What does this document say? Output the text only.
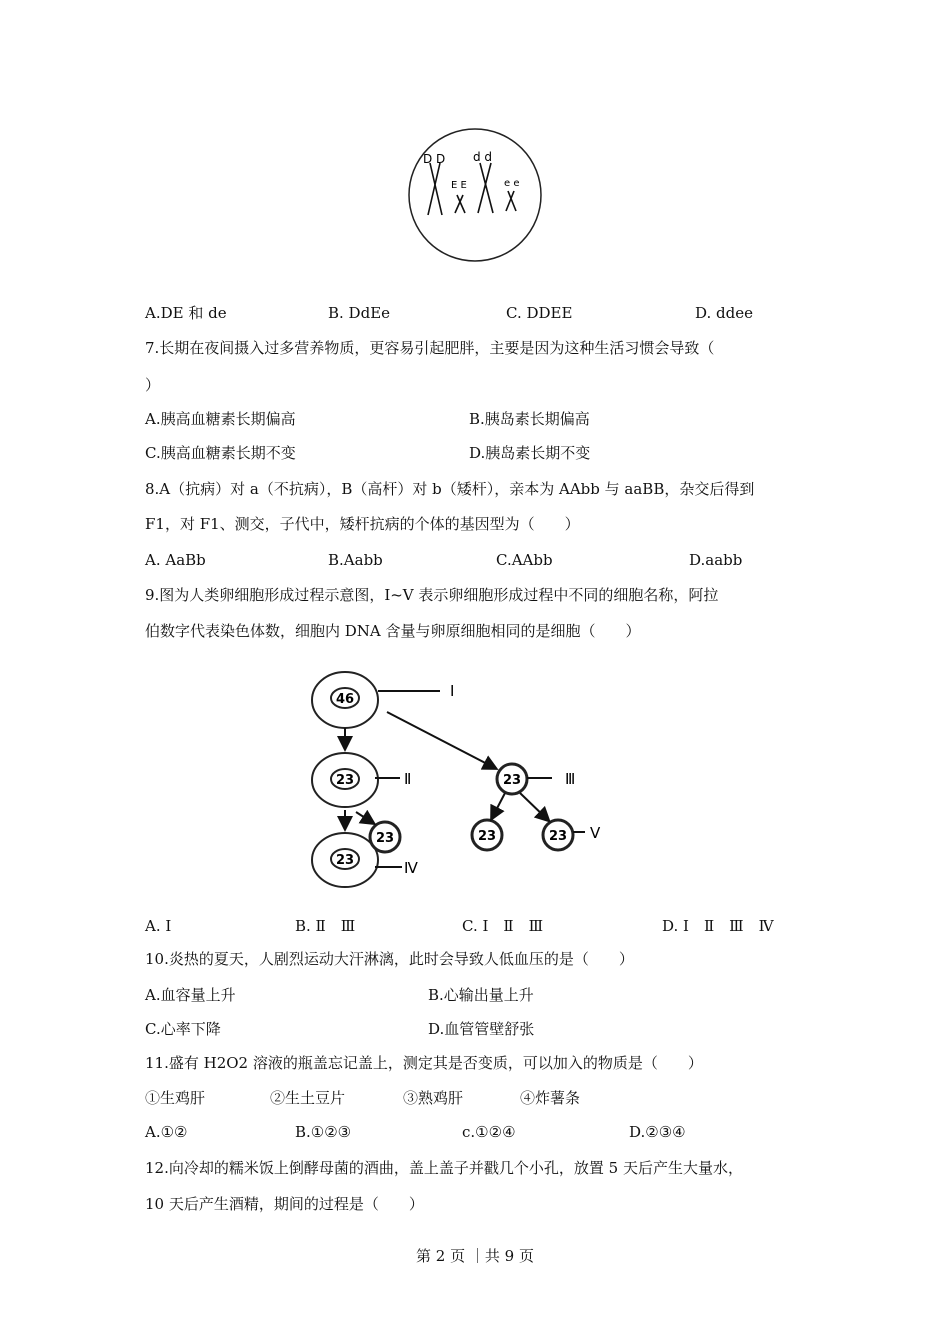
D D
E E
d d
e e
A.DE 和 de	B. DdEe	C. DDEE	D. ddee
7.长期在夜间摄入过多营养物质，更容易引起肥胖，主要是因为这种生活习惯会导致（
）
A.胰高血糖素长期偏高	B.胰岛素长期偏高
C.胰高血糖素长期不变	D.胰岛素长期不变
8.A（抗病）对 a（不抗病），B（高杆）对 b（矮杆），亲本为 AAbb 与 aaBB，杂交后得到
F1，对 F1、测交，子代中，矮杆抗病的个体的基因型为（　　）
A. AaBb	B.Aabb	C.AAbb	D.aabb
9.图为人类卵细胞形成过程示意图，Ⅰ~Ⅴ 表示卵细胞形成过程中不同的细胞名称，阿拉
伯数字代表染色体数，细胞内 DNA 含量与卵原细胞相同的是细胞（　　）
46
23
23
23
23	23	23
Ⅰ
Ⅱ	Ⅲ
Ⅳ
Ⅴ
A. Ⅰ	B. Ⅱ　Ⅲ	C. Ⅰ　Ⅱ　Ⅲ	D. Ⅰ　Ⅱ　Ⅲ　Ⅳ
10.炎热的夏天，人剧烈运动大汗淋漓，此时会导致人低血压的是（　　）
A.血容量上升	B.心输出量上升
C.心率下降	D.血管管壁舒张
11.盛有 H2O2 溶液的瓶盖忘记盖上，测定其是否变质，可以加入的物质是（　　）
①生鸡肝	②生土豆片	③熟鸡肝	④炸薯条
A.①②	B.①②③	c.①②④	D.②③④
12.向冷却的糯米饭上倒酵母菌的酒曲，盖上盖子并戳几个小孔，放置 5 天后产生大量水，
10 天后产生酒精，期间的过程是（　　）
第 2 页 ｜共 9 页
